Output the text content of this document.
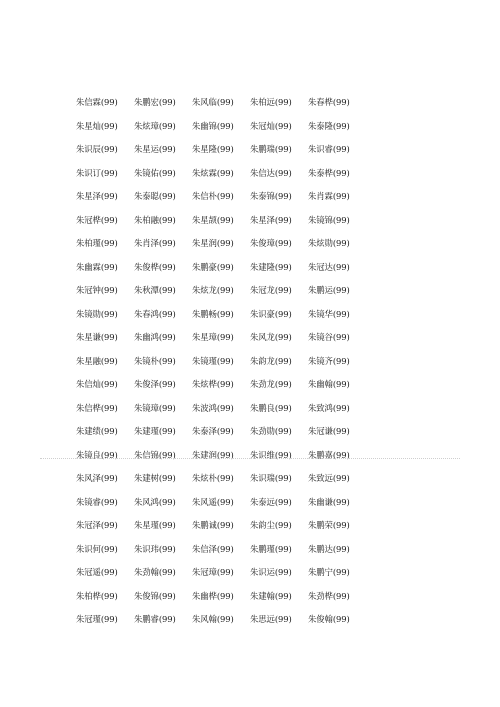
朱信霖(99)	朱鹏宏(99)	朱风临(99)	朱柏远(99)	朱春桦(99)
朱星灿(99)	朱炫璋(99)	朱幽锦(99)	朱冠灿(99)	朱泰隆(99)
朱识辰(99)	朱星运(99)	朱星隆(99)	朱鹏瑞(99)	朱识睿(99)
朱识订(99)	朱镜佑(99)	朱炫霖(99)	朱信达(99)	朱泰桦(99)
朱星泽(99)	朱泰聪(99)	朱信朴(99)	朱泰锦(99)	朱肖霖(99)
朱冠桦(99)	朱柏融(99)	朱星颉(99)	朱星泽(99)	朱镜锦(99)
朱柏瑾(99)	朱肖泽(99)	朱星润(99)	朱俊璋(99)	朱炫勋(99)
朱幽霖(99)	朱俊桦(99)	朱鹏豪(99)	朱建隆(99)	朱冠达(99)
朱冠钟(99)	朱秋潭(99)	朱炫龙(99)	朱冠龙(99)	朱鹏运(99)
朱镜勋(99)	朱春鸿(99)	朱鹏畅(99)	朱识豪(99)	朱镜华(99)
朱星谦(99)	朱幽鸿(99)	朱星璋(99)	朱风龙(99)	朱镜谷(99)
朱星融(99)	朱镜朴(99)	朱镜瑾(99)	朱韵龙(99)	朱镜齐(99)
朱信灿(99)	朱俊泽(99)	朱炫桦(99)	朱劲龙(99)	朱幽翰(99)
朱信桦(99)	朱镜璋(99)	朱波鸿(99)	朱鹏良(99)	朱致鸿(99)
朱建绩(99)	朱建瑾(99)	朱泰泽(99)	朱劲勋(99)	朱冠谦(99)
朱镜良(99)	朱信锦(99)	朱建润(99)	朱识维(99)	朱鹏嘉(99)
朱风泽(99)	朱建树(99)	朱炫朴(99)	朱识瑞(99)	朱致远(99)
朱镜睿(99)	朱风鸿(99)	朱风遥(99)	朱泰远(99)	朱幽谦(99)
朱冠泽(99)	朱星瑾(99)	朱鹏诚(99)	朱韵尘(99)	朱鹏荣(99)
朱识何(99)	朱识玮(99)	朱信泽(99)	朱鹏瑾(99)	朱鹏达(99)
朱冠遥(99)	朱劲翰(99)	朱冠璋(99)	朱识运(99)	朱鹏宁(99)
朱柏桦(99)	朱俊锦(99)	朱幽桦(99)	朱建翰(99)	朱劲桦(99)
朱冠瑾(99)	朱鹏睿(99)	朱风翰(99)	朱思远(99)	朱俊翰(99)
